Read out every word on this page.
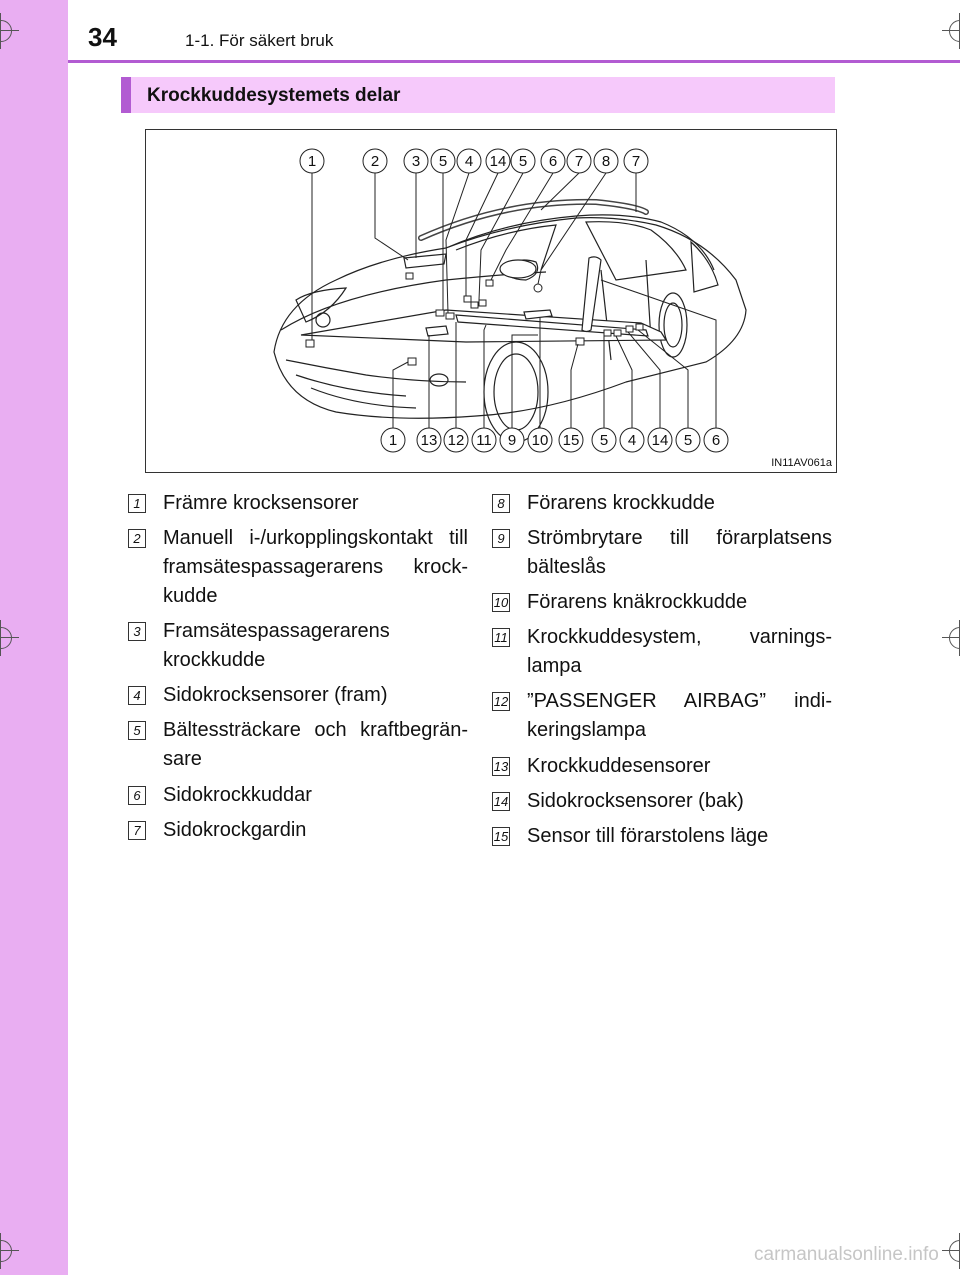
34	1-1. För säkert bruk
Krockkuddesystemets delar
1	2 3 5 4 14 5 6 7 8 7
1 13 12 11 9 10 15 5 4 14 5 6
IN11AV061a
1 Främre krocksensorer
2 Manuell i-/urkopplingskontakt till framsätespassagerarens krockkudde
3 Framsätespassagerarens krockkudde
4 Sidokrocksensorer (fram)
5 Bältessträckare och kraftbegränsare
6 Sidokrockkuddar
7 Sidokrockgardin
8 Förarens krockkudde
9 Strömbrytare till förarplatsens bälteslås
10 Förarens knäkrockkudde
11 Krockkuddesystem, varningslampa
12 ”PASSENGER AIRBAG” indikeringslampa
13 Krockkuddesensorer
14 Sidokrocksensorer (bak)
15 Sensor till förarstolens läge
carmanualsonline.info
